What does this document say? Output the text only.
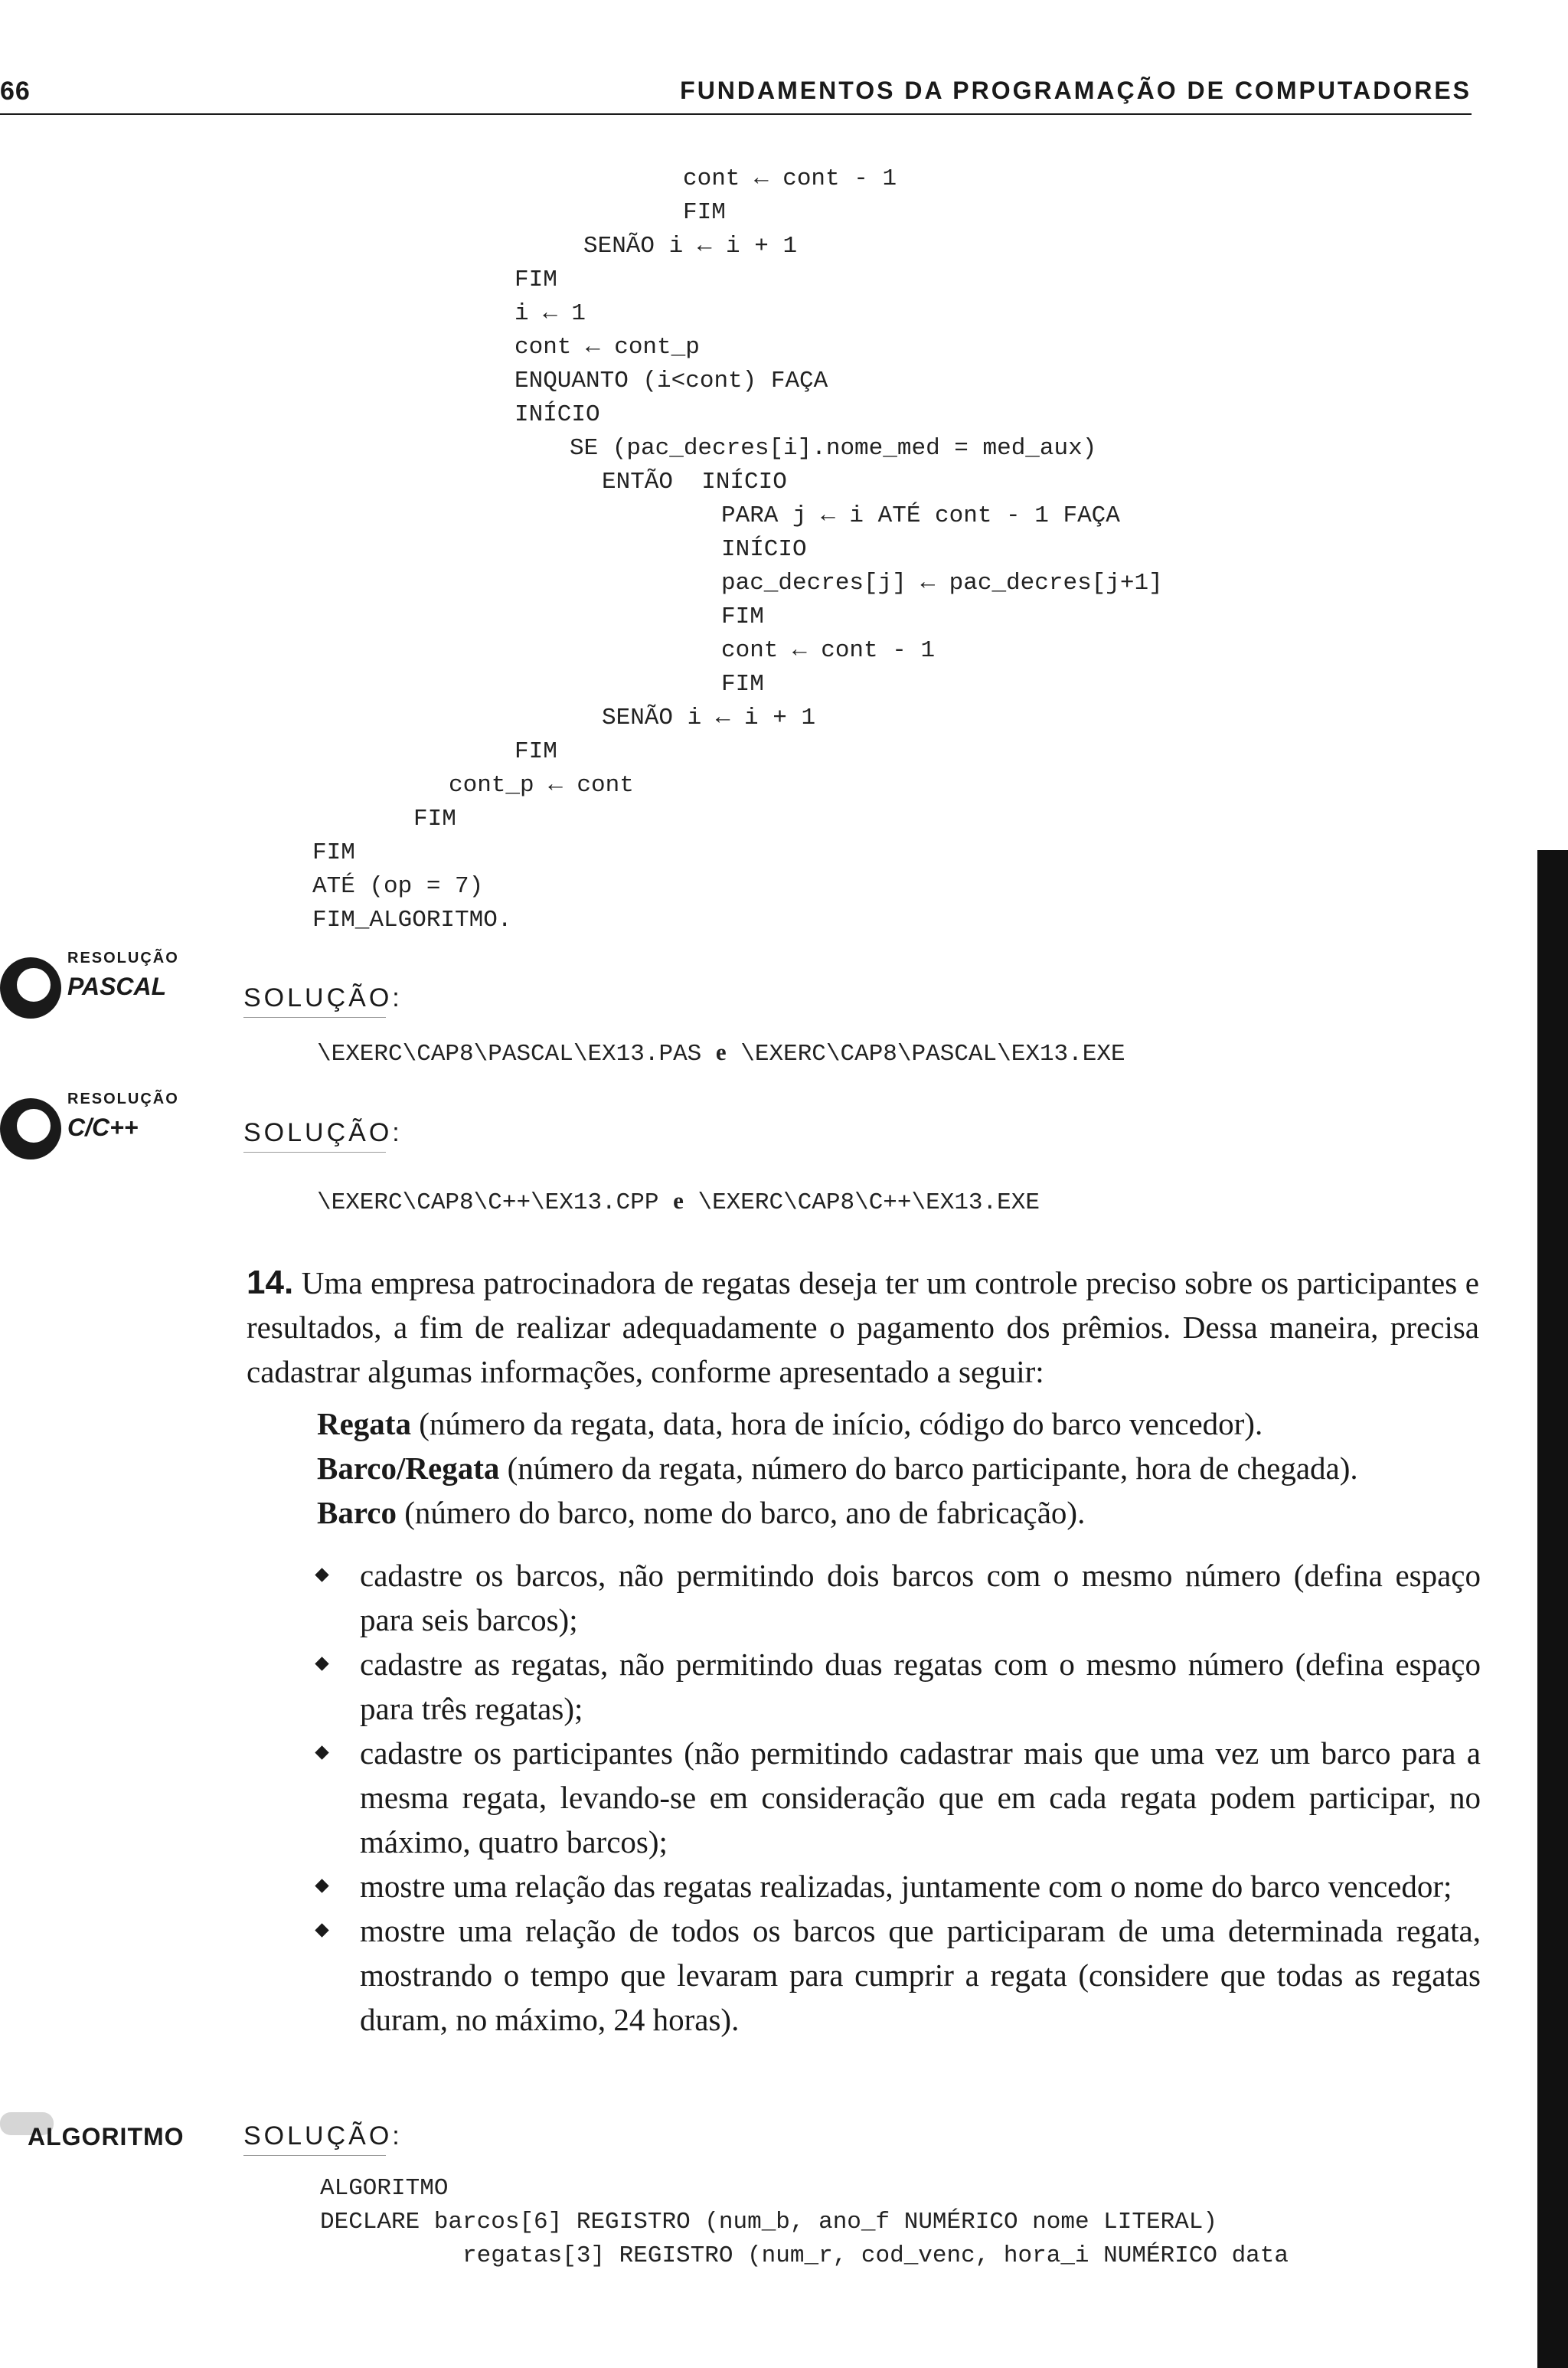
66	FUNDAMENTOS DA PROGRAMAÇÃO DE COMPUTADORES
cont ← cont - 1
FIM
SENÃO i ← i + 1
FIM
i ← 1
cont ← cont_p
ENQUANTO (i<cont) FAÇA
INÍCIO
SE (pac_decres[i].nome_med = med_aux)
ENTÃO  INÍCIO
PARA j ← i ATÉ cont - 1 FAÇA
INÍCIO
pac_decres[j] ← pac_decres[j+1]
FIM
cont ← cont - 1
FIM
SENÃO i ← i + 1
FIM
cont_p ← cont
FIM
FIM
ATÉ (op = 7)
FIM_ALGORITMO.
RESOLUÇÃO
PASCAL	SOLUÇÃO:
\EXERC\CAP8\PASCAL\EX13.PAS e \EXERC\CAP8\PASCAL\EX13.EXE
RESOLUÇÃO
C/C++	SOLUÇÃO:
\EXERC\CAP8\C++\EX13.CPP e \EXERC\CAP8\C++\EX13.EXE
14. Uma empresa patrocinadora de regatas deseja ter um controle preciso sobre os participantes e resultados, a fim de realizar adequadamente o pagamento dos prêmios. Dessa maneira, precisa cadastrar algumas informações, conforme apresentado a seguir:
Regata (número da regata, data, hora de início, código do barco vencedor).
Barco/Regata (número da regata, número do barco participante, hora de chegada).
Barco (número do barco, nome do barco, ano de fabricação).
cadastre os barcos, não permitindo dois barcos com o mesmo número (defina espaço para seis barcos);
cadastre as regatas, não permitindo duas regatas com o mesmo número (defina espaço para três regatas);
cadastre os participantes (não permitindo cadastrar mais que uma vez um barco para a mesma regata, levando-se em consideração que em cada regata podem participar, no máximo, quatro barcos);
mostre uma relação das regatas realizadas, juntamente com o nome do barco vencedor;
mostre uma relação de todos os barcos que participaram de uma determinada regata, mostrando o tempo que levaram para cumprir a regata (considere que todas as regatas duram, no máximo, 24 horas).
ALGORITMO SOLUÇÃO:
ALGORITMO
DECLARE barcos[6] REGISTRO (num_b, ano_f NUMÉRICO nome LITERAL)
regatas[3] REGISTRO (num_r, cod_venc, hora_i NUMÉRICO data
